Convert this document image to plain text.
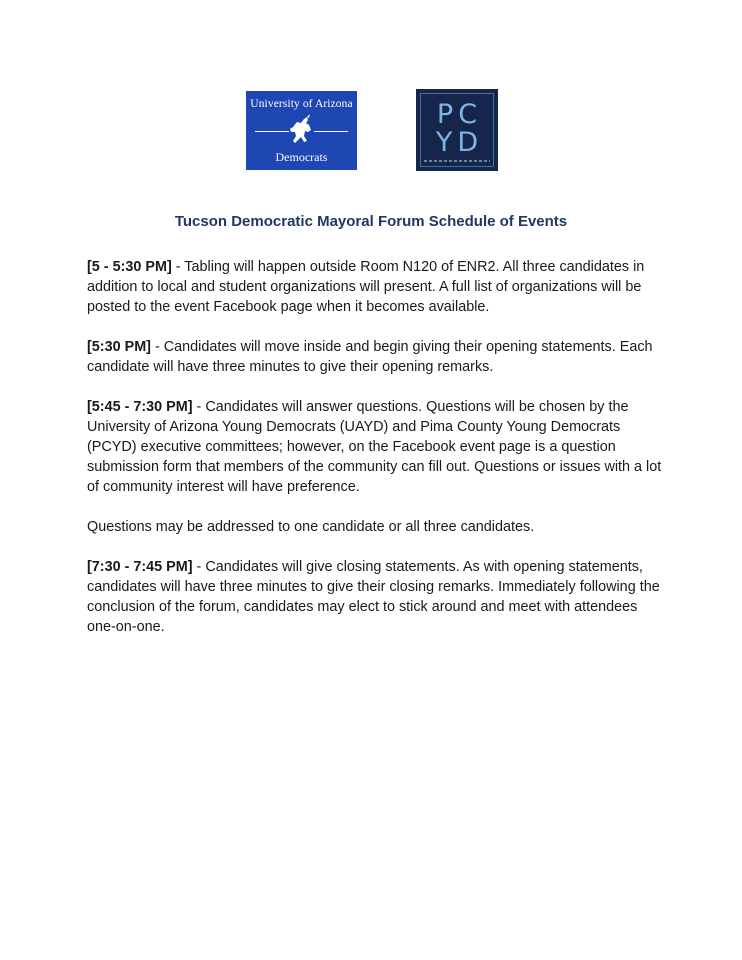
University of Arizona
Democrats
PC
YD
Tucson Democratic Mayoral Forum Schedule of Events

[5 - 5:30 PM] - Tabling will happen outside Room N120 of ENR2. All three candidates in addition to local and student organizations will present. A full list of organizations will be posted to the event Facebook page when it becomes available.

[5:30 PM] - Candidates will move inside and begin giving their opening statements. Each candidate will have three minutes to give their opening remarks.

[5:45 - 7:30 PM] - Candidates will answer questions. Questions will be chosen by the University of Arizona Young Democrats (UAYD) and Pima County Young Democrats (PCYD) executive committees; however, on the Facebook event page is a question submission form that members of the community can fill out. Questions or issues with a lot of community interest will have preference.

Questions may be addressed to one candidate or all three candidates.

[7:30 - 7:45 PM] - Candidates will give closing statements. As with opening statements, candidates will have three minutes to give their closing remarks. Immediately following the conclusion of the forum, candidates may elect to stick around and meet with attendees one-on-one.
